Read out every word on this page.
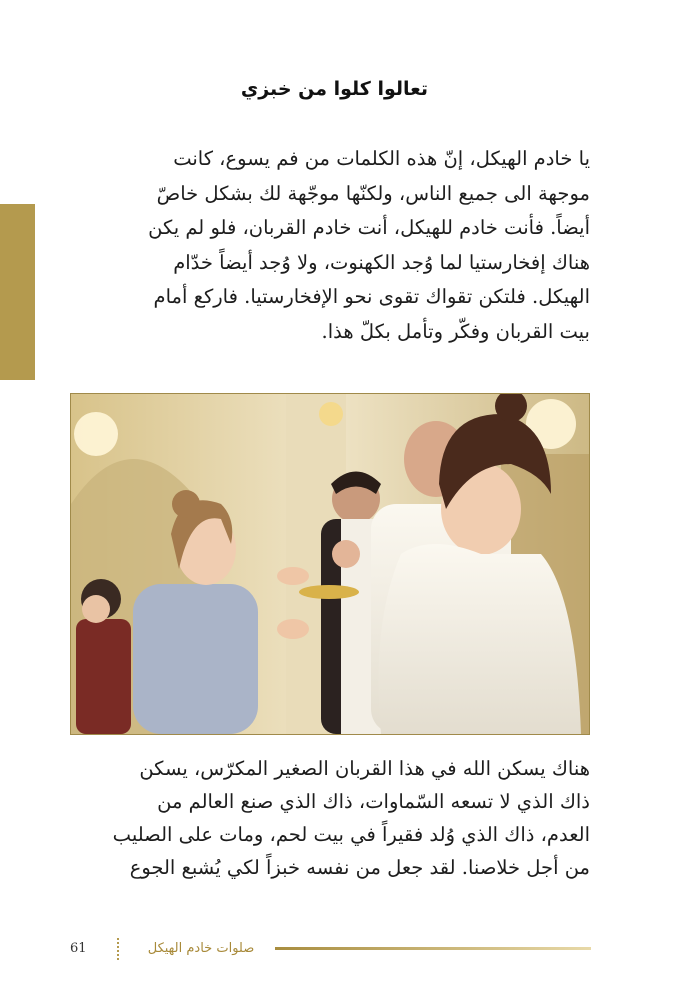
تعالوا كلوا من خبزي
يا خادم الهيكل، إنّ هذه الكلمات من فم يسوع، كانت
موجهة الى جميع الناس، ولكنّها موجّهة لك بشكل خاصّ
أيضاً. فأنت خادم للهيكل، أنت خادم القربان، فلو لم يكن
هناك إفخارستيا لما وُجد الكهنوت، ولا وُجد أيضاً خدّام
الهيكل. فلتكن تقواك تقوى نحو الإفخارستيا. فاركع أمام
بيت القربان وفكّر وتأمل بكلّ هذا.
هناك يسكن الله في هذا القربان الصغير المكرّس، يسكن
ذاك الذي لا تسعه السّماوات، ذاك الذي صنع العالم من
العدم، ذاك الذي وُلد فقيراً في بيت لحم، ومات على الصليب
من أجل خلاصنا. لقد جعل من نفسه خبزاً لكي يُشبع الجوع
صلوات خادم الهيكل
61
